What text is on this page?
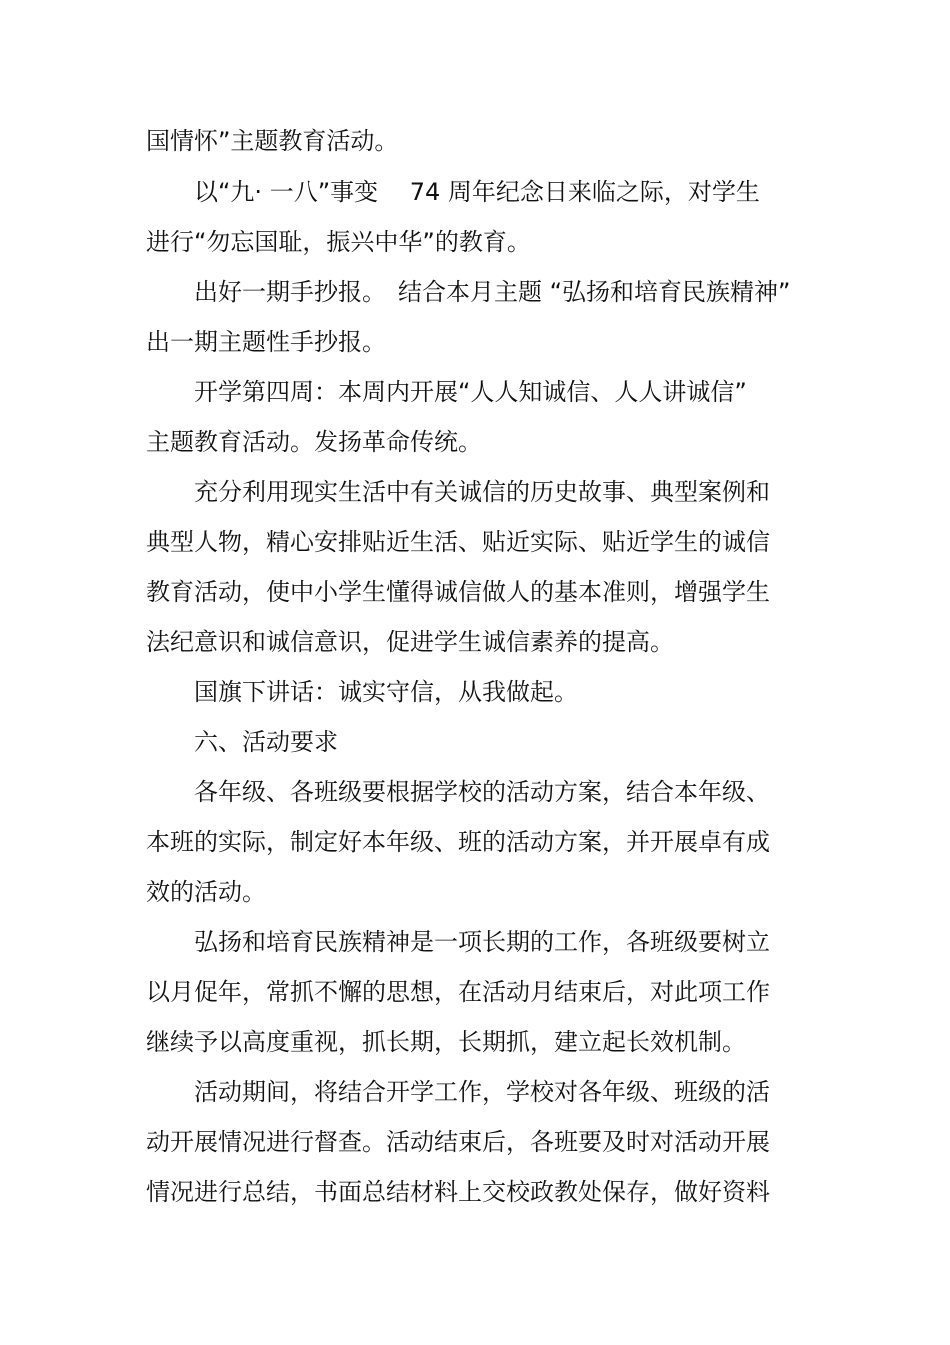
国情怀”主题教育活动。
以“九· 一八”事变　 74 周年纪念日来临之际，对学生
进行“勿忘国耻，振兴中华”的教育。
出好一期手抄报。　结合本月主题 “弘扬和培育民族精神”
出一期主题性手抄报。
开学第四周：本周内开展“人人知诚信、人人讲诚信”
主题教育活动。发扬革命传统。
充分利用现实生活中有关诚信的历史故事、典型案例和
典型人物，精心安排贴近生活、贴近实际、贴近学生的诚信
教育活动，使中小学生懂得诚信做人的基本准则，增强学生
法纪意识和诚信意识，促进学生诚信素养的提高。
国旗下讲话：诚实守信，从我做起。
六、活动要求
各年级、各班级要根据学校的活动方案，结合本年级、
本班的实际，制定好本年级、班的活动方案，并开展卓有成
效的活动。
弘扬和培育民族精神是一项长期的工作，各班级要树立
以月促年，常抓不懈的思想，在活动月结束后，对此项工作
继续予以高度重视，抓长期，长期抓，建立起长效机制。
活动期间，将结合开学工作，学校对各年级、班级的活
动开展情况进行督查。活动结束后，各班要及时对活动开展
情况进行总结，书面总结材料上交校政教处保存，做好资料
